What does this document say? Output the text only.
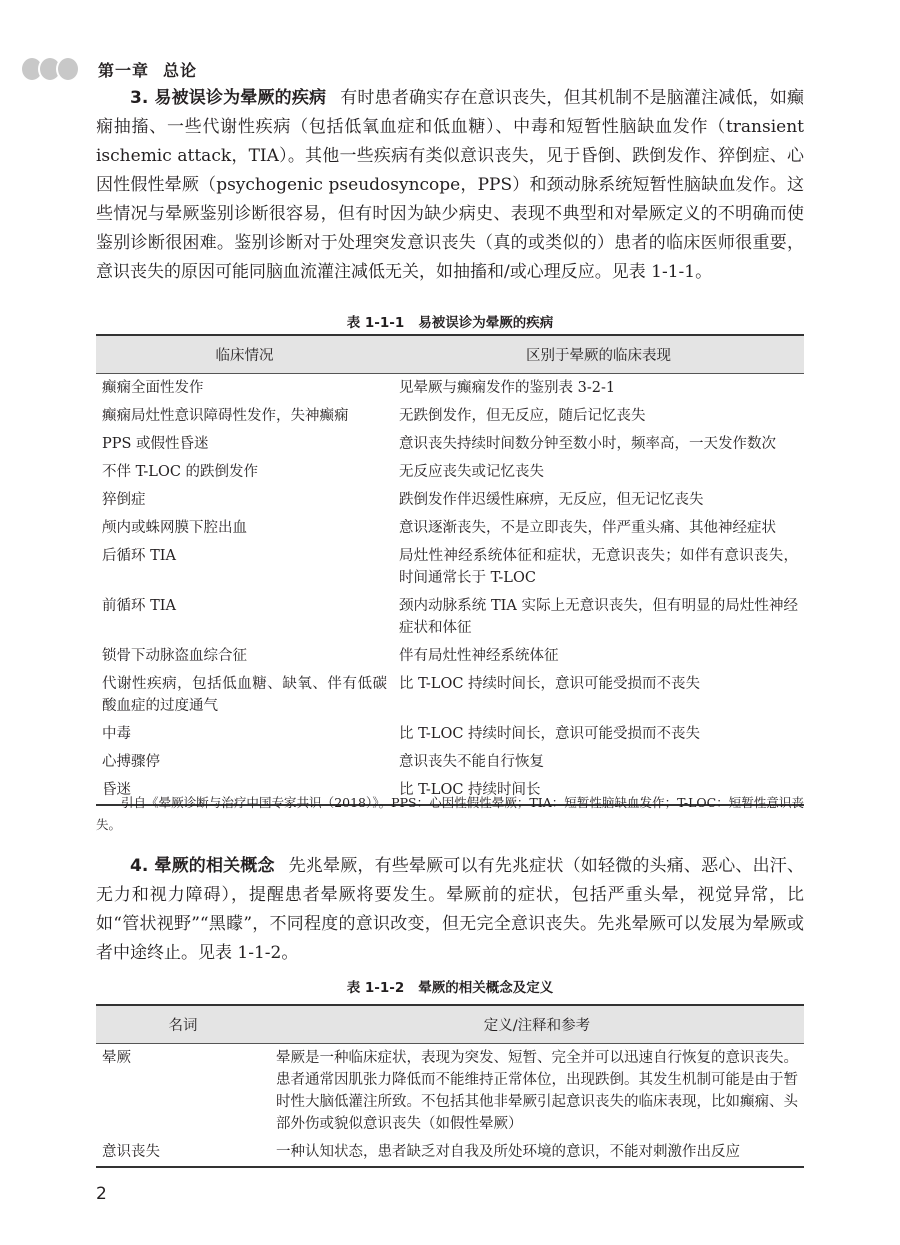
第一章 总论

3. 易被误诊为晕厥的疾病 有时患者确实存在意识丧失，但其机制不是脑灌注减低，如癫痫抽搐、一些代谢性疾病（包括低氧血症和低血糖）、中毒和短暂性脑缺血发作（transient ischemic attack，TIA）。其他一些疾病有类似意识丧失，见于昏倒、跌倒发作、猝倒症、心因性假性晕厥（psychogenic pseudosyncope，PPS）和颈动脉系统短暂性脑缺血发作。这些情况与晕厥鉴别诊断很容易，但有时因为缺少病史、表现不典型和对晕厥定义的不明确而使鉴别诊断很困难。鉴别诊断对于处理突发意识丧失（真的或类似的）患者的临床医师很重要，意识丧失的原因可能同脑血流灌注减低无关，如抽搐和/或心理反应。见表 1-1-1。

表 1-1-1 易被误诊为晕厥的疾病
临床情况	区别于晕厥的临床表现
癫痫全面性发作	见晕厥与癫痫发作的鉴别表 3-2-1
癫痫局灶性意识障碍性发作，失神癫痫	无跌倒发作，但无反应，随后记忆丧失
PPS 或假性昏迷	意识丧失持续时间数分钟至数小时，频率高，一天发作数次
不伴 T-LOC 的跌倒发作	无反应丧失或记忆丧失
猝倒症	跌倒发作伴迟缓性麻痹，无反应，但无记忆丧失
颅内或蛛网膜下腔出血	意识逐渐丧失，不是立即丧失，伴严重头痛、其他神经症状
后循环 TIA	局灶性神经系统体征和症状，无意识丧失；如伴有意识丧失，时间通常长于 T-LOC
前循环 TIA	颈内动脉系统 TIA 实际上无意识丧失，但有明显的局灶性神经症状和体征
锁骨下动脉盗血综合征	伴有局灶性神经系统体征
代谢性疾病，包括低血糖、缺氧、伴有低碳酸血症的过度通气	比 T-LOC 持续时间长，意识可能受损而不丧失
中毒	比 T-LOC 持续时间长，意识可能受损而不丧失
心搏骤停	意识丧失不能自行恢复
昏迷	比 T-LOC 持续时间长

引自《晕厥诊断与治疗中国专家共识（2018）》。PPS：心因性假性晕厥；TIA：短暂性脑缺血发作；T-LOC：短暂性意识丧失。

4. 晕厥的相关概念 先兆晕厥，有些晕厥可以有先兆症状（如轻微的头痛、恶心、出汗、无力和视力障碍），提醒患者晕厥将要发生。晕厥前的症状，包括严重头晕，视觉异常，比如“管状视野”“黑矇”，不同程度的意识改变，但无完全意识丧失。先兆晕厥可以发展为晕厥或者中途终止。见表 1-1-2。

表 1-1-2 晕厥的相关概念及定义
名词	定义/注释和参考
晕厥	晕厥是一种临床症状，表现为突发、短暂、完全并可以迅速自行恢复的意识丧失。患者通常因肌张力降低而不能维持正常体位，出现跌倒。其发生机制可能是由于暂时性大脑低灌注所致。不包括其他非晕厥引起意识丧失的临床表现，比如癫痫、头部外伤或貌似意识丧失（如假性晕厥）
意识丧失	一种认知状态，患者缺乏对自我及所处环境的意识，不能对刺激作出反应
2
